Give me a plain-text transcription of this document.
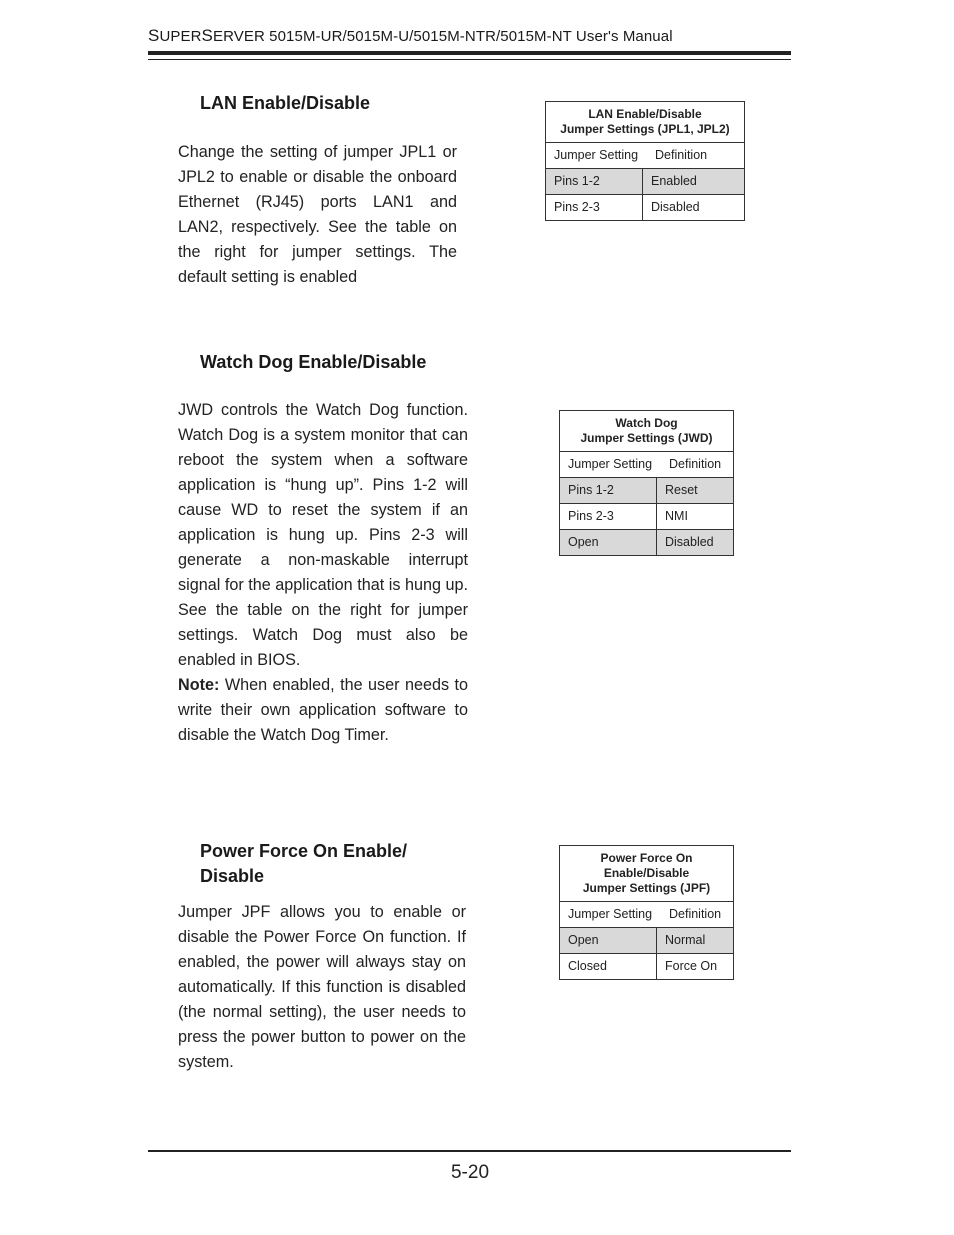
SUPERSERVER 5015M-UR/5015M-U/5015M-NTR/5015M-NT User's Manual
LAN Enable/Disable

Change the setting of jumper JPL1 or JPL2 to enable or disable the onboard Ethernet (RJ45) ports LAN1 and LAN2, respectively. See the table on the right for jumper settings. The default setting is enabled

LAN Enable/Disable
Jumper Settings (JPL1, JPL2)
Jumper Setting	Definition
Pins 1-2	Enabled
Pins 2-3	Disabled
Watch Dog Enable/Disable

JWD controls the Watch Dog function. Watch Dog is a system monitor that can reboot the system when a software application is “hung up”. Pins 1-2 will cause WD to reset the system if an application is hung up. Pins 2-3 will generate a non-maskable interrupt signal for the application that is hung up. See the table on the right for jumper settings. Watch Dog must also be enabled in BIOS.

Note: When enabled, the user needs to write their own application software to disable the Watch Dog Timer.

Watch Dog
Jumper Settings (JWD)
Jumper Setting	Definition
Pins 1-2	Reset
Pins 2-3	NMI
Open	Disabled
Power Force On Enable/
Disable

Jumper JPF allows you to enable or disable the Power Force On function. If enabled, the power will always stay on automatically. If this function is disabled (the normal setting), the user needs to press the power button to power on the system.

Power Force On
Enable/Disable
Jumper Settings (JPF)
Jumper Setting	Definition
Open	Normal
Closed	Force On
5-20
